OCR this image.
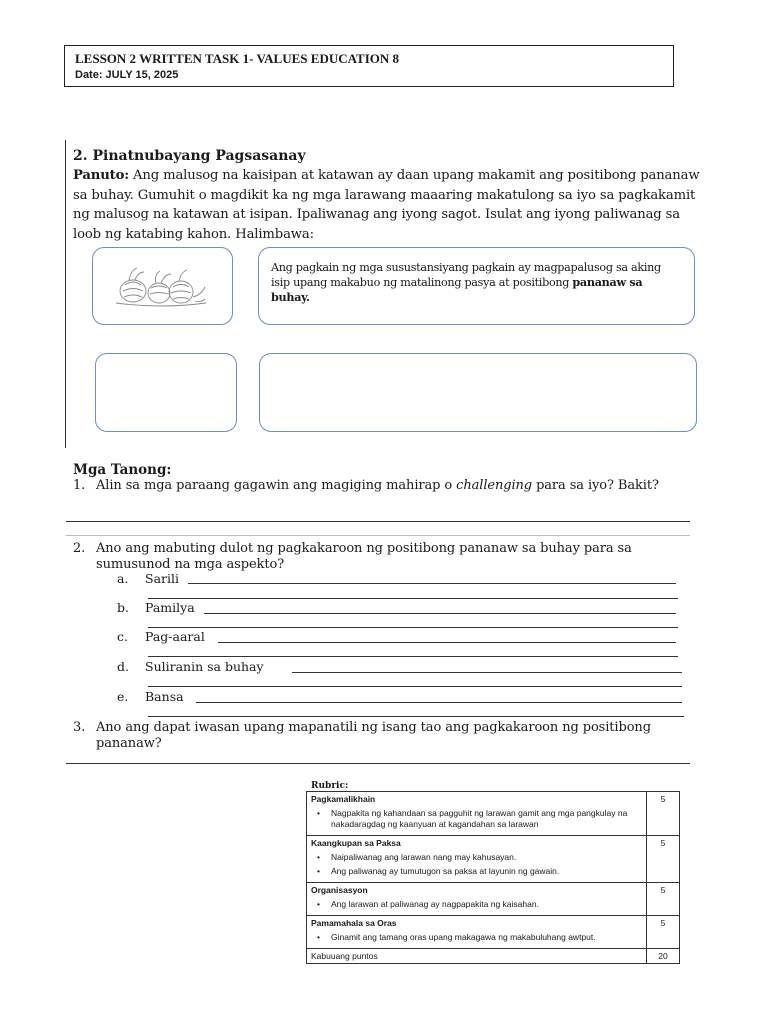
LESSON 2 WRITTEN TASK 1- VALUES EDUCATION 8
Date: JULY 15, 2025
2. Pinatnubayang Pagsasanay
Panuto: Ang malusog na kaisipan at katawan ay daan upang makamit ang positibong pananaw sa buhay. Gumuhit o magdikit ka ng mga larawang maaaring makatulong sa iyo sa pagkakamit ng malusog na katawan at isipan. Ipaliwanag ang iyong sagot. Isulat ang iyong paliwanag sa loob ng katabing kahon. Halimbawa:
Ang pagkain ng mga susustansiyang pagkain ay magpapalusog sa aking isip upang makabuo ng matalinong pasya at positibong pananaw sa buhay.
Mga Tanong:
1. Alin sa mga paraang gagawin ang magiging mahirap o challenging para sa iyo? Bakit?
2. Ano ang mabuting dulot ng pagkakaroon ng positibong pananaw sa buhay para sa sumusunod na mga aspekto?
a. Sarili
b. Pamilya
c. Pag-aaral
d. Suliranin sa buhay
e. Bansa
3. Ano ang dapat iwasan upang mapanatili ng isang tao ang pagkakaroon ng positibong pananaw?
Rubric:
Pagkamalikhain
• Nagpakita ng kahandaan sa pagguhit ng larawan gamit ang mga pangkulay na nakadaragdag ng kaanyuan at kagandahan sa larawan	5

Kaangkupan sa Paksa
• Naipaliwanag ang larawan nang may kahusayan.
• Ang paliwanag ay tumutugon sa paksa at layunin ng gawain.	5

Organisasyon
• Ang larawan at paliwanag ay nagpapakita ng kaisahan.	5

Pamamahala sa Oras
• Ginamit ang tamang oras upang makagawa ng makabuluhang awtput.	5
Kabuuang puntos	20
